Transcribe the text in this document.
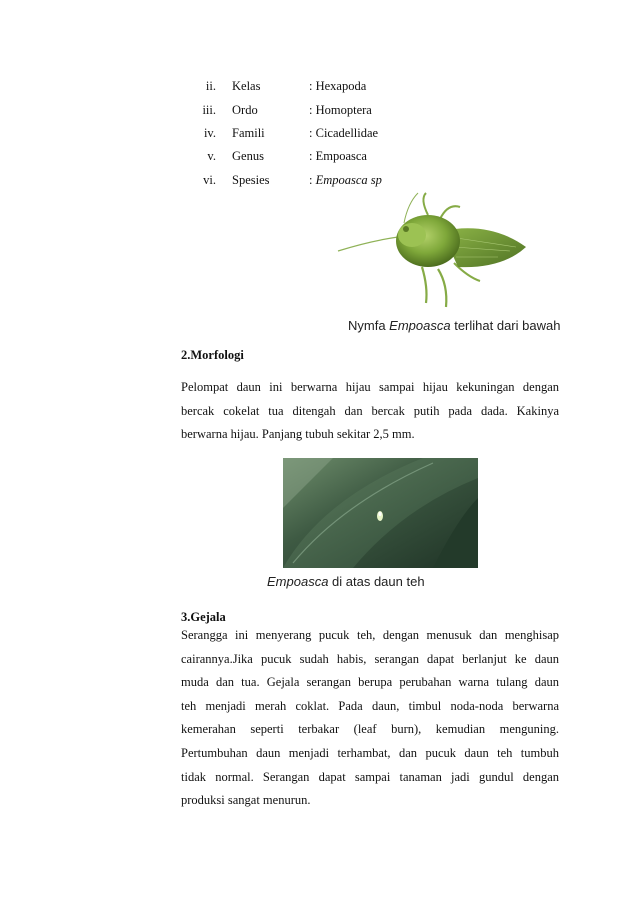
ii. Kelas	: Hexapoda
iii. Ordo	: Homoptera
iv. Famili	: Cicadellidae
v. Genus	: Empoasca
vi. Spesies	: Empoasca sp
Nymfa Empoasca terlihat dari bawah
2.Morfologi
Pelompat daun ini berwarna hijau sampai hijau kekuningan dengan
bercak cokelat tua ditengah dan bercak putih pada dada. Kakinya
berwarna hijau. Panjang tubuh sekitar 2,5 mm.
Empoasca di atas daun teh
3.Gejala
Serangga ini menyerang pucuk teh, dengan menusuk dan menghisap
cairannya.Jika pucuk sudah habis, serangan dapat berlanjut ke daun
muda dan tua. Gejala serangan berupa perubahan warna tulang daun
teh menjadi merah coklat. Pada daun, timbul noda-noda berwarna
kemerahan seperti terbakar (leaf burn), kemudian menguning.
Pertumbuhan daun menjadi terhambat, dan pucuk daun teh tumbuh
tidak normal. Serangan dapat sampai tanaman jadi gundul dengan
produksi sangat menurun.
